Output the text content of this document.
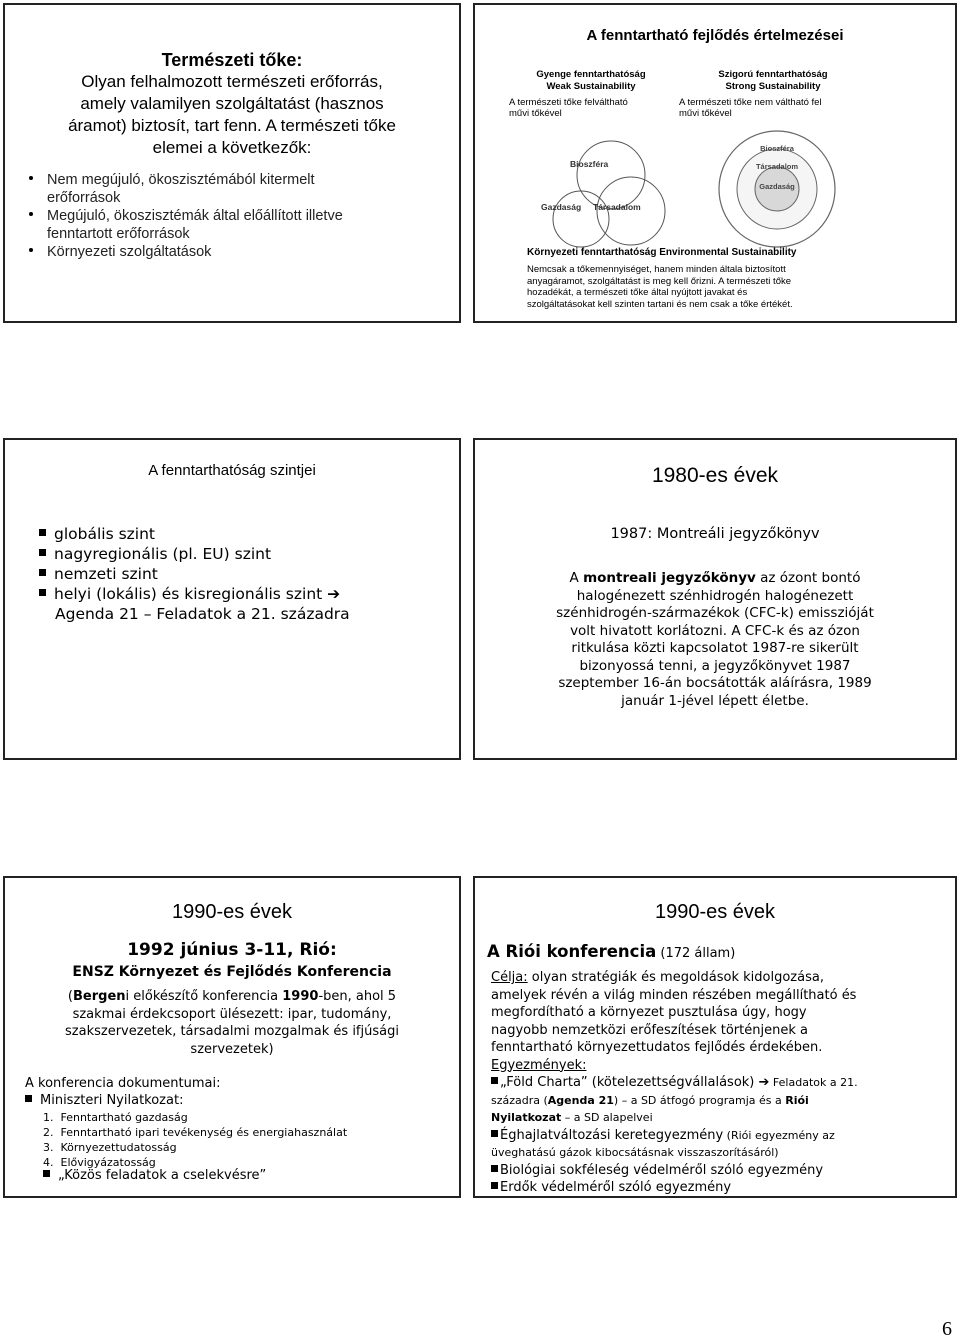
Természeti tőke:
Olyan felhalmozott természeti erőforrás,
amely valamilyen szolgáltatást (hasznos
áramot) biztosít, tart fenn. A természeti tőke
elemei a következők:
Nem megújuló, ökoszisztémából kitermelt
erőforrások
Megújuló, ökoszisztémák által előállított illetve
fenntartott erőforrások
Környezeti szolgáltatások
A fenntartható fejlődés értelmezései
Gyenge fenntarthatóság
Weak Sustainability
A természeti tőke felváltható
művi tőkével
Szigorú fenntarthatóság
Strong Sustainability
A természeti tőke nem váltható fel
művi tőkével
Bioszféra
Gazdaság Társadalom
Bioszféra
Társadalom
Gazdaság
Környezeti fenntarthatóság Environmental Sustainability
Nemcsak a tőkemennyiséget, hanem minden általa biztosított
anyagáramot, szolgáltatást is meg kell őrizni. A természeti tőke
hozadékát, a természeti tőke által nyújtott javakat és
szolgáltatásokat kell szinten tartani és nem csak a tőke értékét.
A fenntarthatóság szintjei
globális szint
nagyregionális (pl. EU) szint
nemzeti szint
helyi (lokális) és kisregionális szint ➔
Agenda 21 – Feladatok a 21. századra
1980-es évek
1987: Montreáli jegyzőkönyv
A montreali jegyzőkönyv az ózont bontó
halogénezett szénhidrogén halogénezett
szénhidrogén-származékok (CFC-k) emisszióját
volt hivatott korlátozni. A CFC-k és az ózon
ritkulása közti kapcsolatot 1987-re sikerült
bizonyossá tenni, a jegyzőkönyvet 1987
szeptember 16-án bocsátották aláírásra, 1989
január 1-jével lépett életbe.
1990-es évek
1992 június 3-11, Rió:
ENSZ Környezet és Fejlődés Konferencia
(Bergeni előkészítő konferencia 1990-ben, ahol 5
szakmai érdekcsoport ülésezett: ipar, tudomány,
szakszervezetek, társadalmi mozgalmak és ifjúsági
szervezetek)
A konferencia dokumentumai:
Miniszteri Nyilatkozat:
1.  Fenntartható gazdaság
2.  Fenntartható ipari tevékenység és energiahasználat
3.  Környezettudatosság
4.  Elővigyázatosság
„Közös feladatok a cselekvésre”
1990-es évek
A Riói konferencia (172 állam)
Célja: olyan stratégiák és megoldások kidolgozása,
amelyek révén a világ minden részében megállítható és
megfordítható a környezet pusztulása úgy, hogy
nagyobb nemzetközi erőfeszítések történjenek a
fenntartható környezettudatos fejlődés érdekében.
Egyezmények:
„Föld Charta” (kötelezettségvállalások) ➔ Feladatok a 21.
századra (Agenda 21) – a SD átfogó programja és a Riói
Nyilatkozat – a SD alapelvei
Éghajlatváltozási keretegyezmény (Riói egyezmény az
üveghatású gázok kibocsátásnak visszaszorításáról)
Biológiai sokféleség védelméről szóló egyezmény
Erdők védelméről szóló egyezmény
6
